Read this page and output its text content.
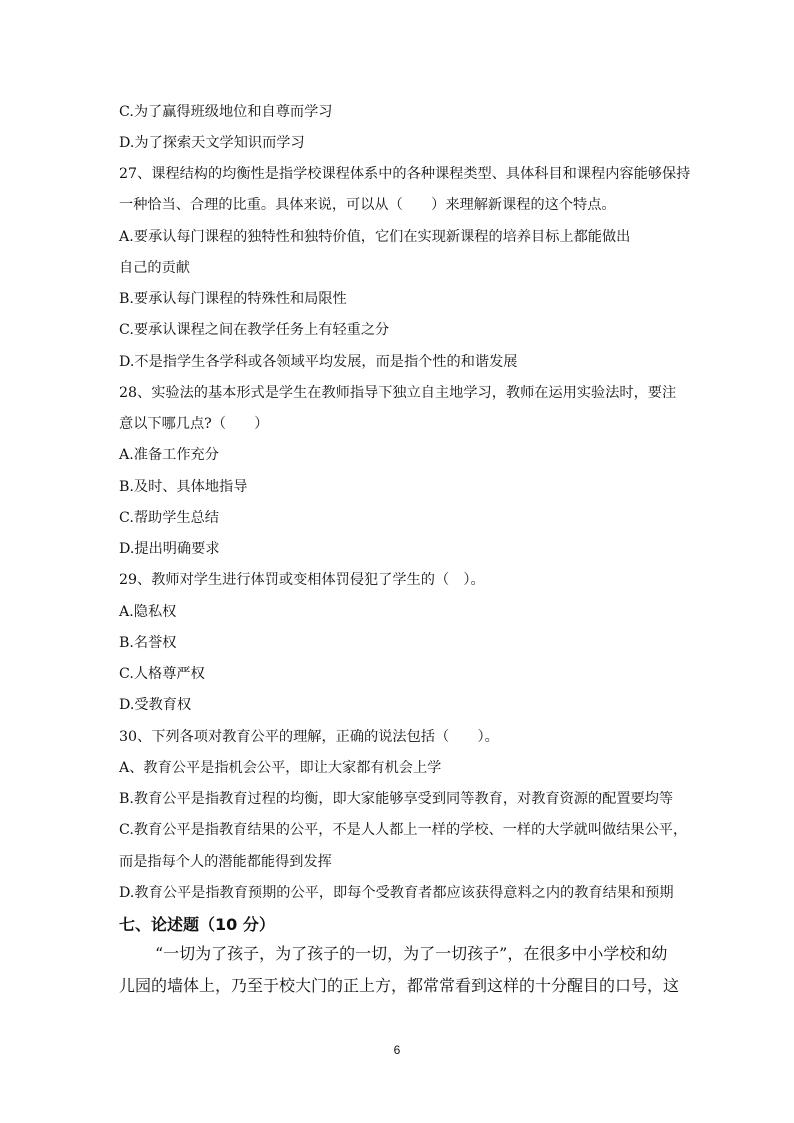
C.为了赢得班级地位和自尊而学习
D.为了探索天文学知识而学习
27、课程结构的均衡性是指学校课程体系中的各种课程类型、具体科目和课程内容能够保持
一种恰当、合理的比重。具体来说，可以从（　　）来理解新课程的这个特点。
A.要承认每门课程的独特性和独特价值，它们在实现新课程的培养目标上都能做出
自己的贡献
B.要承认每门课程的特殊性和局限性
C.要承认课程之间在教学任务上有轻重之分
D.不是指学生各学科或各领域平均发展，而是指个性的和谐发展
28、实验法的基本形式是学生在教师指导下独立自主地学习，教师在运用实验法时，要注
意以下哪几点?（　　）
A.准备工作充分
B.及时、具体地指导
C.帮助学生总结
D.提出明确要求
29、教师对学生进行体罚或变相体罚侵犯了学生的（　）。
A.隐私权
B.名誉权
C.人格尊严权
D.受教育权
30、下列各项对教育公平的理解，正确的说法包括（　　）。
A、教育公平是指机会公平，即让大家都有机会上学
B.教育公平是指教育过程的均衡，即大家能够享受到同等教育，对教育资源的配置要均等
C.教育公平是指教育结果的公平，不是人人都上一样的学校、一样的大学就叫做结果公平，
而是指每个人的潜能都能得到发挥
D.教育公平是指教育预期的公平，即每个受教育者都应该获得意料之内的教育结果和预期
七、论述题（10 分）
“一切为了孩子，为了孩子的一切，为了一切孩子”，在很多中小学校和幼
儿园的墙体上，乃至于校大门的正上方，都常常看到这样的十分醒目的口号，这
6
